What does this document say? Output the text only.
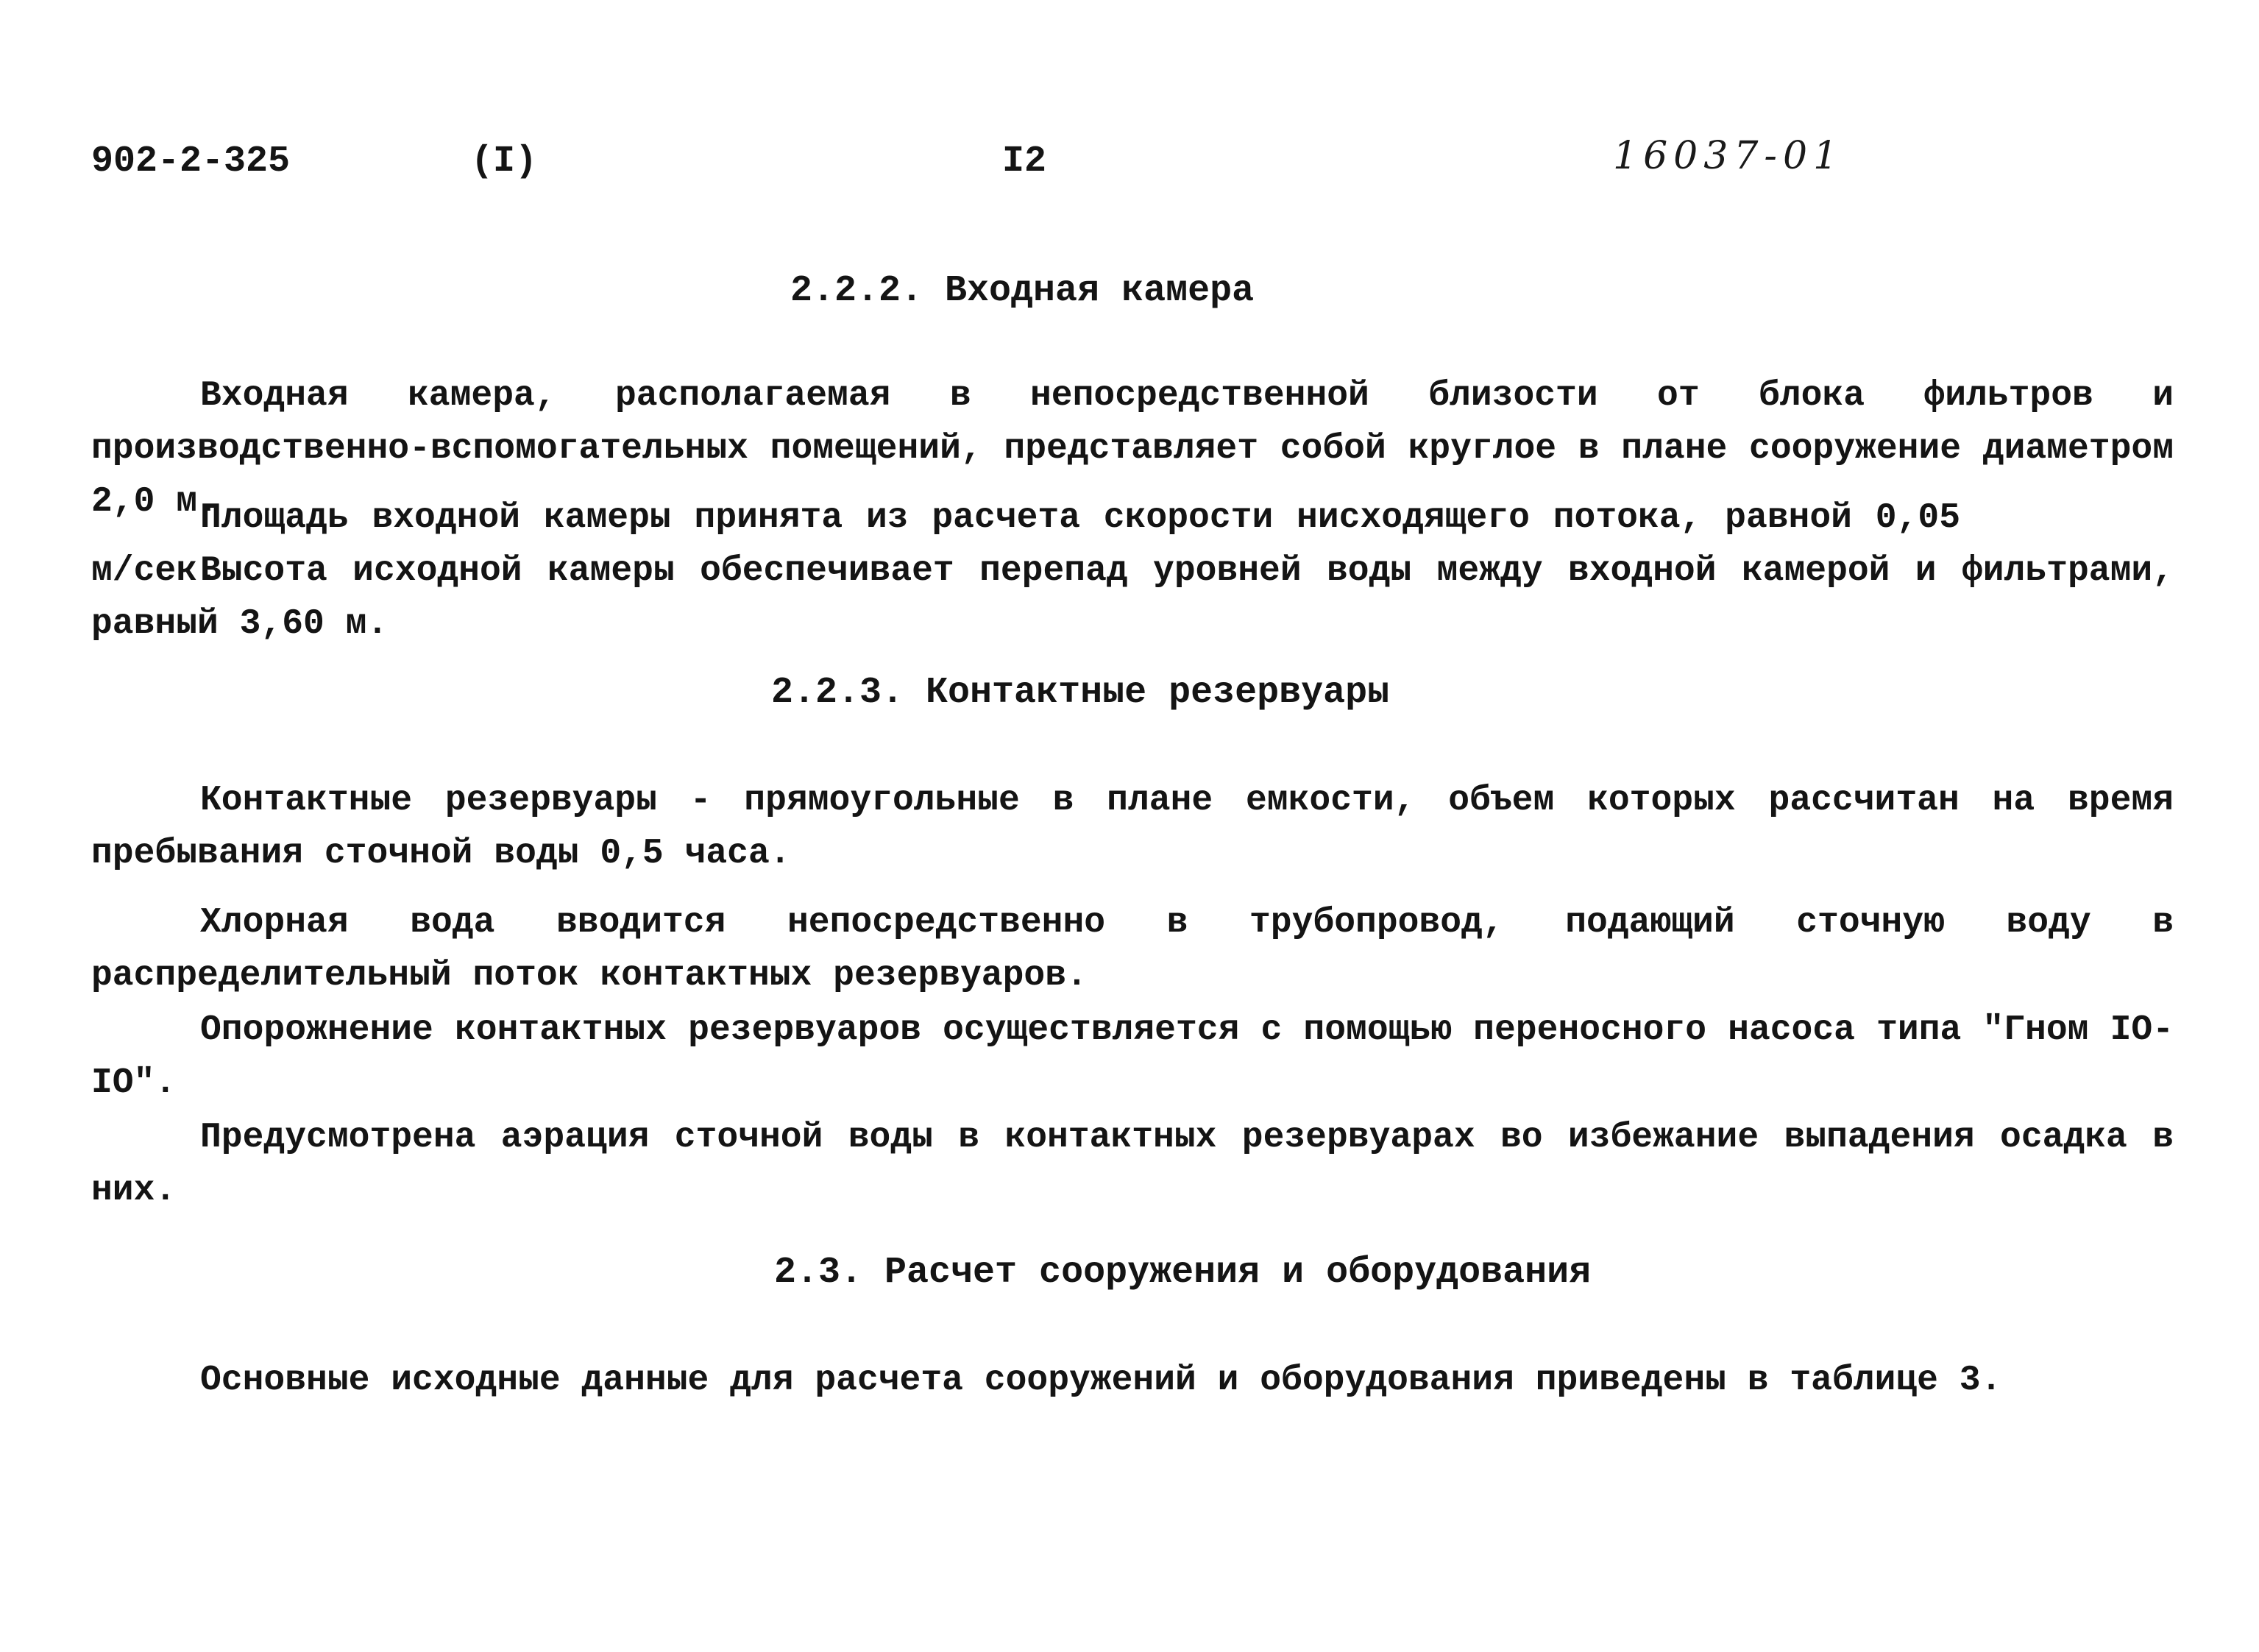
902-2-325	(I)	I2	16037-01
2.2.2. Входная камера
Входная камера, располагаемая в непосредственной близости от блока фильтров и производственно-вспомогательных помещений, представляет собой круглое в плане сооружение диаметром 2,0 м.
Площадь входной камеры принята из расчета скорости нисходящего потока, равной 0,05 м/сек.
Высота исходной камеры обеспечивает перепад уровней воды между входной камерой и фильтрами, равный 3,60 м.
2.2.3. Контактные резервуары
Контактные резервуары - прямоугольные в плане емкости, объем которых рассчитан на время пребывания сточной воды 0,5 часа.
Хлорная вода вводится непосредственно в трубопровод, подающий сточную воду в распределительный поток контактных резервуаров.
Опорожнение контактных резервуаров осуществляется с помощью переносного насоса типа "Гном IO-IO".
Предусмотрена аэрация сточной воды в контактных резервуарах во избежание выпадения осадка в них.
2.3. Расчет сооружения и оборудования
Основные исходные данные для расчета сооружений и оборудования приведены в таблице 3.
